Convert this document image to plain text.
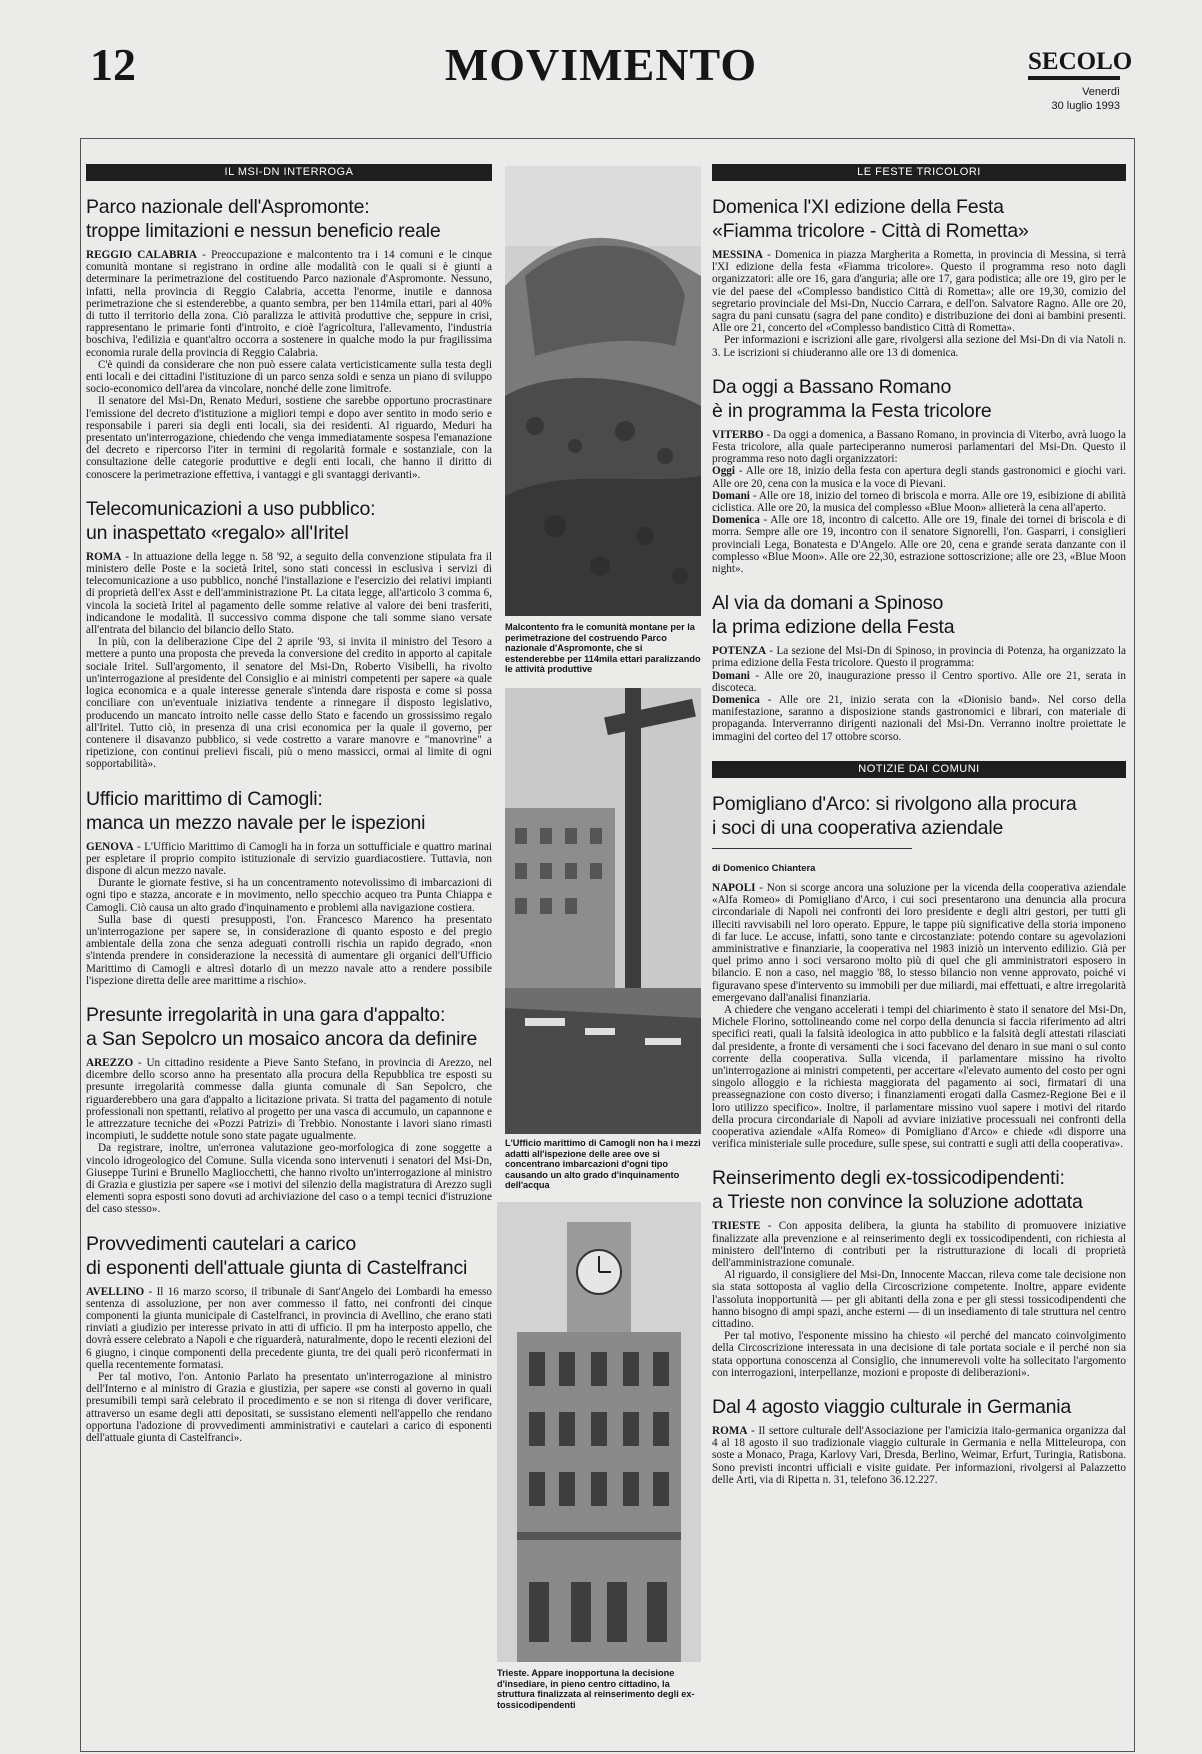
12	MOVIMENTO	SECOLO
Venerdì
30 luglio 1993
IL MSI-DN INTERROGA
Parco nazionale dell'Aspromonte:
troppe limitazioni e nessun beneficio reale

REGGIO CALABRIA - Preoccupazione e malcontento tra i 14 comuni e le cinque comunità montane si registrano in ordine alle modalità con le quali si è giunti a determinare la perimetrazione del costituendo Parco nazionale d'Aspromonte. Nessuno, infatti, nella provincia di Reggio Calabria, accetta l'enorme, inutile e dannosa perimetrazione che si estenderebbe, a quanto sembra, per ben 114mila ettari, pari al 40% di tutto il territorio della zona. Ciò paralizza le attività produttive che, seppure in crisi, rappresentano le primarie fonti d'introito, e cioè l'agricoltura, l'allevamento, l'industria boschiva, l'edilizia e quant'altro occorra a sostenere in qualche modo la pur fragilissima economia rurale della provincia di Reggio Calabria.

C'è quindi da considerare che non può essere calata verticisticamente sulla testa degli enti locali e dei cittadini l'istituzione di un parco senza soldi e senza un piano di sviluppo socio-economico dell'area da vincolare, nonché delle zone limitrofe.

Il senatore del Msi-Dn, Renato Meduri, sostiene che sarebbe opportuno procrastinare l'emissione del decreto d'istituzione a migliori tempi e dopo aver sentito in modo serio e responsabile i pareri sia degli enti locali, sia dei residenti. Al riguardo, Meduri ha presentato un'interrogazione, chiedendo che venga immediatamente sospesa l'emanazione del decreto e ripercorso l'iter in termini di regolarità formale e sostanziale, con la consultazione delle categorie produttive e degli enti locali, che hanno il diritto di conoscere la perimetrazione effettiva, i vantaggi e gli svantaggi derivanti».

Telecomunicazioni a uso pubblico:
un inaspettato «regalo» all'Iritel

ROMA - In attuazione della legge n. 58 '92, a seguito della convenzione stipulata fra il ministero delle Poste e la società Iritel, sono stati concessi in esclusiva i servizi di telecomunicazione a uso pubblico, nonché l'installazione e l'esercizio dei relativi impianti di proprietà dell'ex Asst e dell'amministrazione Pt. La citata legge, all'articolo 3 comma 6, vincola la società Iritel al pagamento delle somme relative al valore dei beni trasferiti, indicandone le modalità. Il successivo comma dispone che tali somme siano versate all'entrata del bilancio del bilancio dello Stato.

In più, con la deliberazione Cipe del 2 aprile '93, si invita il ministro del Tesoro a mettere a punto una proposta che preveda la conversione del credito in apporto al capitale sociale Iritel. Sull'argomento, il senatore del Msi-Dn, Roberto Visibelli, ha rivolto un'interrogazione al presidente del Consiglio e ai ministri competenti per sapere «a quale logica economica e a quale interesse generale s'intenda dare risposta e come si possa conciliare con un'eventuale iniziativa tendente a rinnegare il disposto legislativo, producendo un mancato introito nelle casse dello Stato e facendo un grossissimo regalo all'Iritel. Tutto ciò, in presenza di una crisi economica per la quale il governo, per contenere il disavanzo pubblico, si vede costretto a varare manovre e "manovrine" a ripetizione, con continui prelievi fiscali, più o meno massicci, ormai al limite di ogni sopportabilità».

Ufficio marittimo di Camogli:
manca un mezzo navale per le ispezioni

GENOVA - L'Ufficio Marittimo di Camogli ha in forza un sottufficiale e quattro marinai per espletare il proprio compito istituzionale di servizio guardiacostiere. Tuttavia, non dispone di alcun mezzo navale.

Durante le giornate festive, si ha un concentramento notevolissimo di imbarcazioni di ogni tipo e stazza, ancorate e in movimento, nello specchio acqueo tra Punta Chiappa e Camogli. Ciò causa un alto grado d'inquinamento e problemi alla navigazione costiera.

Sulla base di questi presupposti, l'on. Francesco Marenco ha presentato un'interrogazione per sapere se, in considerazione di quanto esposto e del pregio ambientale della zona che senza adeguati controlli rischia un rapido degrado, «non s'intenda prendere in considerazione la necessità di aumentare gli organici dell'Ufficio Marittimo di Camogli e altresì dotarlo di un mezzo navale atto a rendere possibile l'ispezione diretta delle aree marittime a rischio».

Presunte irregolarità in una gara d'appalto:
a San Sepolcro un mosaico ancora da definire

AREZZO - Un cittadino residente a Pieve Santo Stefano, in provincia di Arezzo, nel dicembre dello scorso anno ha presentato alla procura della Repubblica tre esposti su presunte irregolarità commesse dalla giunta comunale di San Sepolcro, che riguarderebbero una gara d'appalto a licitazione privata. Si tratta del pagamento di notule professionali non spettanti, relativo al progetto per una vasca di accumulo, un capannone e le attrezzature tecniche dei «Pozzi Patrizi» di Trebbio. Nonostante i lavori siano rimasti incompiuti, le suddette notule sono state pagate ugualmente.

Da registrare, inoltre, un'erronea valutazione geo-morfologica di zone soggette a vincolo idrogeologico del Comune. Sulla vicenda sono intervenuti i senatori del Msi-Dn, Giuseppe Turini e Brunello Magliocchetti, che hanno rivolto un'interrogazione al ministro di Grazia e giustizia per sapere «se i motivi del silenzio della magistratura di Arezzo sugli elementi sopra esposti sono dovuti ad archiviazione del caso o a tempi tecnici d'istruzione del caso stesso».

Provvedimenti cautelari a carico
di esponenti dell'attuale giunta di Castelfranci

AVELLINO - Il 16 marzo scorso, il tribunale di Sant'Angelo dei Lombardi ha emesso sentenza di assoluzione, per non aver commesso il fatto, nei confronti dei cinque componenti la giunta municipale di Castelfranci, in provincia di Avellino, che erano stati rinviati a giudizio per interesse privato in atti di ufficio. Il pm ha interposto appello, che dovrà essere celebrato a Napoli e che riguarderà, naturalmente, dopo le recenti elezioni del 6 giugno, i cinque componenti della precedente giunta, tre dei quali però riconfermati in quella recentemente formatasi.

Per tal motivo, l'on. Antonio Parlato ha presentato un'interrogazione al ministro dell'Interno e al ministro di Grazia e giustizia, per sapere «se consti al governo in quali presumibili tempi sarà celebrato il procedimento e se non si ritenga di dover verificare, attraverso un esame degli atti depositati, se sussistano elementi nell'appello che rendano opportuna l'adozione di provvedimenti amministrativi e cautelari a carico di esponenti dell'attuale giunta di Castelfranci».

Malcontento fra le comunità montane per la perimetrazione del costruendo Parco nazionale d'Aspromonte, che si estenderebbe per 114mila ettari paralizzando le attività produttive
L'Ufficio marittimo di Camogli non ha i mezzi adatti all'ispezione delle aree ove si concentrano imbarcazioni d'ogni tipo causando un alto grado d'inquinamento dell'acqua
Trieste. Appare inopportuna la decisione d'insediare, in pieno centro cittadino, la struttura finalizzata al reinserimento degli ex-tossicodipendenti
LE FESTE TRICOLORI
Domenica l'XI edizione della Festa
«Fiamma tricolore - Città di Rometta»

MESSINA - Domenica in piazza Margherita a Rometta, in provincia di Messina, si terrà l'XI edizione della festa «Fiamma tricolore». Questo il programma reso noto dagli organizzatori: alle ore 16, gara d'anguria; alle ore 17, gara podistica; alle ore 19, giro per le vie del paese del «Complesso bandistico Città di Rometta»; alle ore 19,30, comizio del segretario provinciale del Msi-Dn, Nuccio Carrara, e dell'on. Salvatore Ragno. Alle ore 20, sagra du pani cunsatu (sagra del pane condito) e distribuzione dei doni ai bambini presenti. Alle ore 21, concerto del «Complesso bandistico Città di Rometta».

Per informazioni e iscrizioni alle gare, rivolgersi alla sezione del Msi-Dn di via Natoli n. 3. Le iscrizioni si chiuderanno alle ore 13 di domenica.

Da oggi a Bassano Romano
è in programma la Festa tricolore

VITERBO - Da oggi a domenica, a Bassano Romano, in provincia di Viterbo, avrà luogo la Festa tricolore, alla quale parteciperanno numerosi parlamentari del Msi-Dn. Questo il programma reso noto dagli organizzatori:

Oggi - Alle ore 18, inizio della festa con apertura degli stands gastronomici e giochi vari. Alle ore 20, cena con la musica e la voce di Pievani.

Domani - Alle ore 18, inizio del torneo di briscola e morra. Alle ore 19, esibizione di abilità ciclistica. Alle ore 20, la musica del complesso «Blue Moon» allieterà la cena all'aperto.

Domenica - Alle ore 18, incontro di calcetto. Alle ore 19, finale dei tornei di briscola e di morra. Sempre alle ore 19, incontro con il senatore Signorelli, l'on. Gasparri, i consiglieri provinciali Lega, Bonatesta e D'Angelo. Alle ore 20, cena e grande serata danzante con il complesso «Blue Moon». Alle ore 22,30, estrazione sottoscrizione; alle ore 23, «Blue Moon night».

Al via da domani a Spinoso
la prima edizione della Festa

POTENZA - La sezione del Msi-Dn di Spinoso, in provincia di Potenza, ha organizzato la prima edizione della Festa tricolore. Questo il programma:

Domani - Alle ore 20, inaugurazione presso il Centro sportivo. Alle ore 21, serata in discoteca.

Domenica - Alle ore 21, inizio serata con la «Dionisio band». Nel corso della manifestazione, saranno a disposizione stands gastronomici e librari, con materiale di propaganda. Interverranno dirigenti nazionali del Msi-Dn. Verranno inoltre proiettate le immagini del corteo del 17 ottobre scorso.

NOTIZIE DAI COMUNI
Pomigliano d'Arco: si rivolgono alla procura
i soci di una cooperativa aziendale
di Domenico Chiantera

NAPOLI - Non si scorge ancora una soluzione per la vicenda della cooperativa aziendale «Alfa Romeo» di Pomigliano d'Arco, i cui soci presentarono una denuncia alla procura circondariale di Napoli nei confronti dei loro presidente e degli altri gestori, per tutti gli illeciti ravvisabili nel loro operato. Eppure, le tappe più significative della storia imponeno di far luce. Le accuse, infatti, sono tante e circostanziate: potendo contare su agevolazioni amministrative e finanziarie, la cooperativa nel 1983 iniziò un intervento edilizio. Già per quel primo anno i soci versarono molto più di quel che gli amministratori esposero in bilancio. E non a caso, nel maggio '88, lo stesso bilancio non venne approvato, poiché vi figuravano spese d'intervento su immobili per due miliardi, mai effettuati, e altre irregolarità emergevano dall'analisi finanziaria.

A chiedere che vengano accelerati i tempi del chiarimento è stato il senatore del Msi-Dn, Michele Florino, sottolineando come nel corpo della denuncia si faccia riferimento ad altri specifici reati, quali la falsità ideologica in atto pubblico e la falsità degli attestati rilasciati dal presidente, a fronte di versamenti che i soci facevano del denaro in sue mani o sul conto corrente della cooperativa. Sulla vicenda, il parlamentare missino ha rivolto un'interrogazione ai ministri competenti, per accertare «l'elevato aumento del costo per ogni singolo alloggio e la richiesta maggiorata del pagamento ai soci, firmatari di una preassegnazione con costo diverso; i finanziamenti erogati dalla Casmez-Regione Bei e il loro utilizzo specifico». Inoltre, il parlamentare missino vuol sapere i motivi del ritardo della procura circondariale di Napoli ad avviare iniziative processuali nei confronti della cooperativa aziendale «Alfa Romeo» di Pomigliano d'Arco» e chiede «di disporre una verifica ministeriale sulle procedure, sulle spese, sui contratti e sugli atti della cooperativa».

Reinserimento degli ex-tossicodipendenti:
a Trieste non convince la soluzione adottata

TRIESTE - Con apposita delibera, la giunta ha stabilito di promuovere iniziative finalizzate alla prevenzione e al reinserimento degli ex tossicodipendenti, con richiesta al ministero dell'Interno di contributi per la ristrutturazione di locali di proprietà dell'amministrazione comunale.

Al riguardo, il consigliere del Msi-Dn, Innocente Maccan, rileva come tale decisione non sia stata sottoposta al vaglio della Circoscrizione competente. Inoltre, appare evidente l'assoluta inopportunità — per gli abitanti della zona e per gli stessi tossicodipendenti che hanno bisogno di ampi spazi, anche esterni — di un insediamento di tale struttura nel centro cittadino.

Per tal motivo, l'esponente missino ha chiesto «il perché del mancato coinvolgimento della Circoscrizione interessata in una decisione di tale portata sociale e il perché non sia stata opportuna conoscenza al Consiglio, che innumerevoli volte ha sollecitato l'argomento con interrogazioni, interpellanze, mozioni e proposte di deliberazioni».

Dal 4 agosto viaggio culturale in Germania

ROMA - Il settore culturale dell'Associazione per l'amicizia italo-germanica organizza dal 4 al 18 agosto il suo tradizionale viaggio culturale in Germania e nella Mitteleuropa, con soste a Monaco, Praga, Karlovy Vari, Dresda, Berlino, Weimar, Erfurt, Turingia, Ratisbona. Sono previsti incontri ufficiali e visite guidate. Per informazioni, rivolgersi al Palazzetto delle Arti, via di Ripetta n. 31, telefono 36.12.227.
